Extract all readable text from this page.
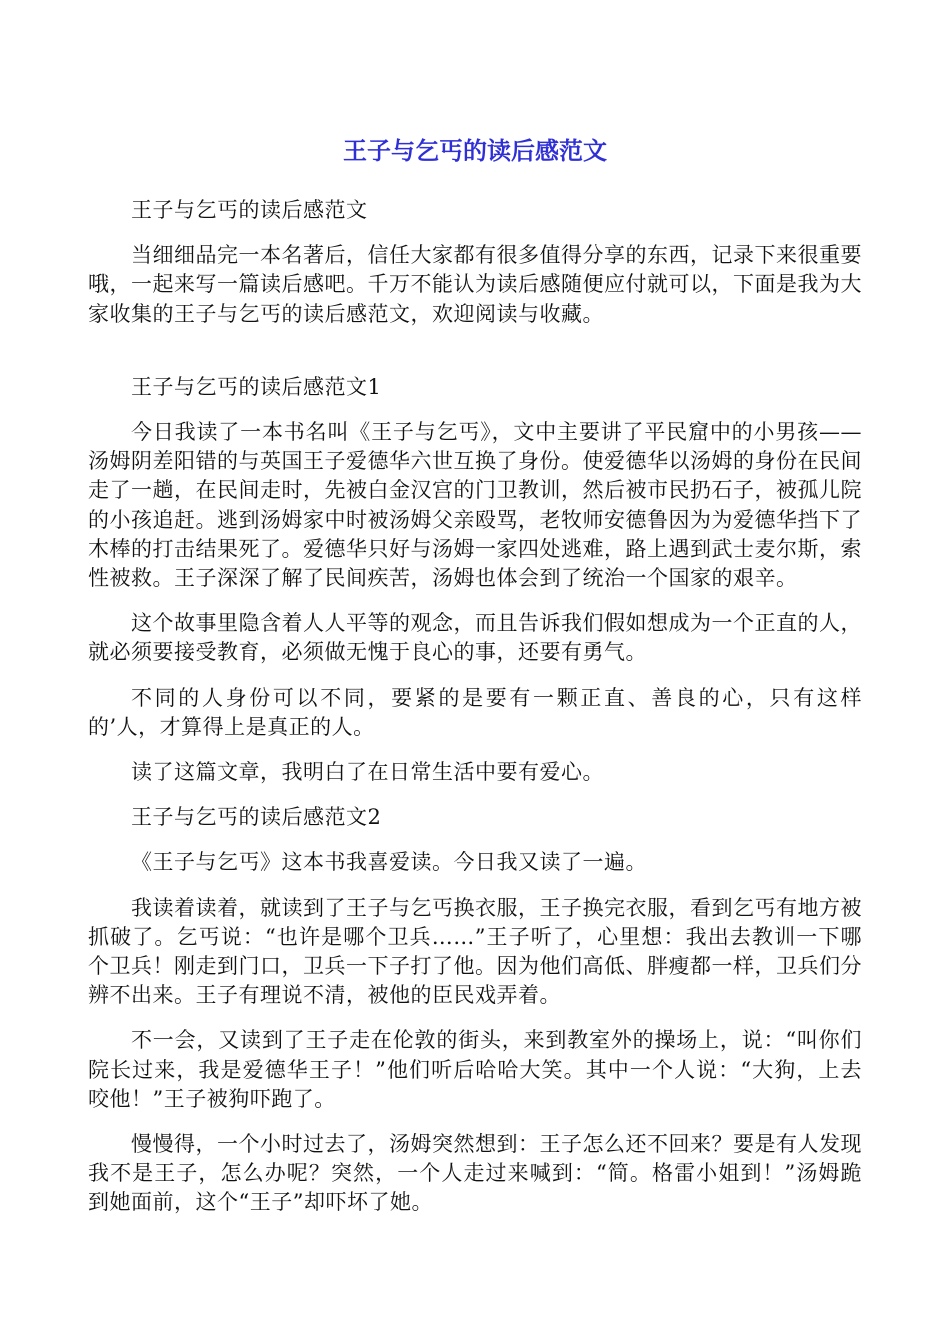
王子与乞丐的读后感范文

王子与乞丐的读后感范文

当细细品完一本名著后，信任大家都有很多值得分享的东西，记录下来很重要哦，一起来写一篇读后感吧。千万不能认为读后感随便应付就可以，下面是我为大家收集的王子与乞丐的读后感范文，欢迎阅读与收藏。

王子与乞丐的读后感范文1

今日我读了一本书名叫《王子与乞丐》，文中主要讲了平民窟中的小男孩——汤姆阴差阳错的与英国王子爱德华六世互换了身份。使爱德华以汤姆的身份在民间走了一趟，在民间走时，先被白金汉宫的门卫教训，然后被市民扔石子，被孤儿院的小孩追赶。逃到汤姆家中时被汤姆父亲殴骂，老牧师安德鲁因为为爱德华挡下了木棒的打击结果死了。爱德华只好与汤姆一家四处逃难，路上遇到武士麦尔斯，索性被救。王子深深了解了民间疾苦，汤姆也体会到了统治一个国家的艰辛。

这个故事里隐含着人人平等的观念，而且告诉我们假如想成为一个正直的人，就必须要接受教育，必须做无愧于良心的事，还要有勇气。

不同的人身份可以不同，要紧的是要有一颗正直、善良的心，只有这样的’人，才算得上是真正的人。

读了这篇文章，我明白了在日常生活中要有爱心。

王子与乞丐的读后感范文2

《王子与乞丐》这本书我喜爱读。今日我又读了一遍。

我读着读着，就读到了王子与乞丐换衣服，王子换完衣服，看到乞丐有地方被抓破了。乞丐说：“也许是哪个卫兵……”王子听了，心里想：我出去教训一下哪个卫兵！刚走到门口，卫兵一下子打了他。因为他们高低、胖瘦都一样，卫兵们分辨不出来。王子有理说不清，被他的臣民戏弄着。

不一会，又读到了王子走在伦敦的街头，来到教室外的操场上，说：“叫你们院长过来，我是爱德华王子！”他们听后哈哈大笑。其中一个人说：“大狗，上去咬他！”王子被狗吓跑了。

慢慢得，一个小时过去了，汤姆突然想到：王子怎么还不回来？要是有人发现我不是王子，怎么办呢？突然，一个人走过来喊到：“简。格雷小姐到！”汤姆跪到她面前，这个“王子”却吓坏了她。
